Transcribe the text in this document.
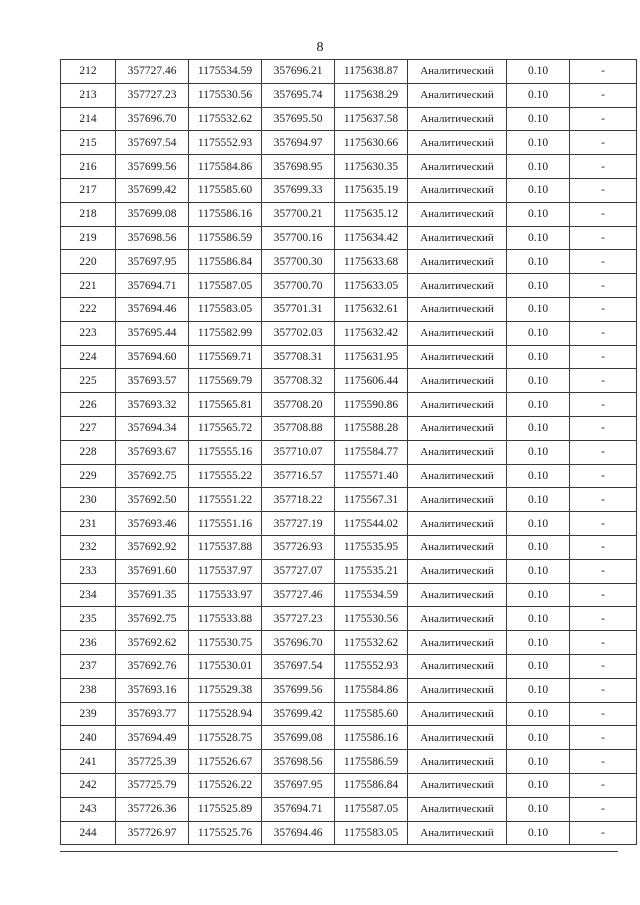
8
212	357727.46	1175534.59	357696.21	1175638.87	Аналитический	0.10	-
213	357727.23	1175530.56	357695.74	1175638.29	Аналитический	0.10	-
214	357696.70	1175532.62	357695.50	1175637.58	Аналитический	0.10	-
215	357697.54	1175552.93	357694.97	1175630.66	Аналитический	0.10	-
216	357699.56	1175584.86	357698.95	1175630.35	Аналитический	0.10	-
217	357699.42	1175585.60	357699.33	1175635.19	Аналитический	0.10	-
218	357699.08	1175586.16	357700.21	1175635.12	Аналитический	0.10	-
219	357698.56	1175586.59	357700.16	1175634.42	Аналитический	0.10	-
220	357697.95	1175586.84	357700.30	1175633.68	Аналитический	0.10	-
221	357694.71	1175587.05	357700.70	1175633.05	Аналитический	0.10	-
222	357694.46	1175583.05	357701.31	1175632.61	Аналитический	0.10	-
223	357695.44	1175582.99	357702.03	1175632.42	Аналитический	0.10	-
224	357694.60	1175569.71	357708.31	1175631.95	Аналитический	0.10	-
225	357693.57	1175569.79	357708.32	1175606.44	Аналитический	0.10	-
226	357693.32	1175565.81	357708.20	1175590.86	Аналитический	0.10	-
227	357694.34	1175565.72	357708.88	1175588.28	Аналитический	0.10	-
228	357693.67	1175555.16	357710.07	1175584.77	Аналитический	0.10	-
229	357692.75	1175555.22	357716.57	1175571.40	Аналитический	0.10	-
230	357692.50	1175551.22	357718.22	1175567.31	Аналитический	0.10	-
231	357693.46	1175551.16	357727.19	1175544.02	Аналитический	0.10	-
232	357692.92	1175537.88	357726.93	1175535.95	Аналитический	0.10	-
233	357691.60	1175537.97	357727.07	1175535.21	Аналитический	0.10	-
234	357691.35	1175533.97	357727.46	1175534.59	Аналитический	0.10	-
235	357692.75	1175533.88	357727.23	1175530.56	Аналитический	0.10	-
236	357692.62	1175530.75	357696.70	1175532.62	Аналитический	0.10	-
237	357692.76	1175530.01	357697.54	1175552.93	Аналитический	0.10	-
238	357693.16	1175529.38	357699.56	1175584.86	Аналитический	0.10	-
239	357693.77	1175528.94	357699.42	1175585.60	Аналитический	0.10	-
240	357694.49	1175528.75	357699.08	1175586.16	Аналитический	0.10	-
241	357725.39	1175526.67	357698.56	1175586.59	Аналитический	0.10	-
242	357725.79	1175526.22	357697.95	1175586.84	Аналитический	0.10	-
243	357726.36	1175525.89	357694.71	1175587.05	Аналитический	0.10	-
244	357726.97	1175525.76	357694.46	1175583.05	Аналитический	0.10	-
